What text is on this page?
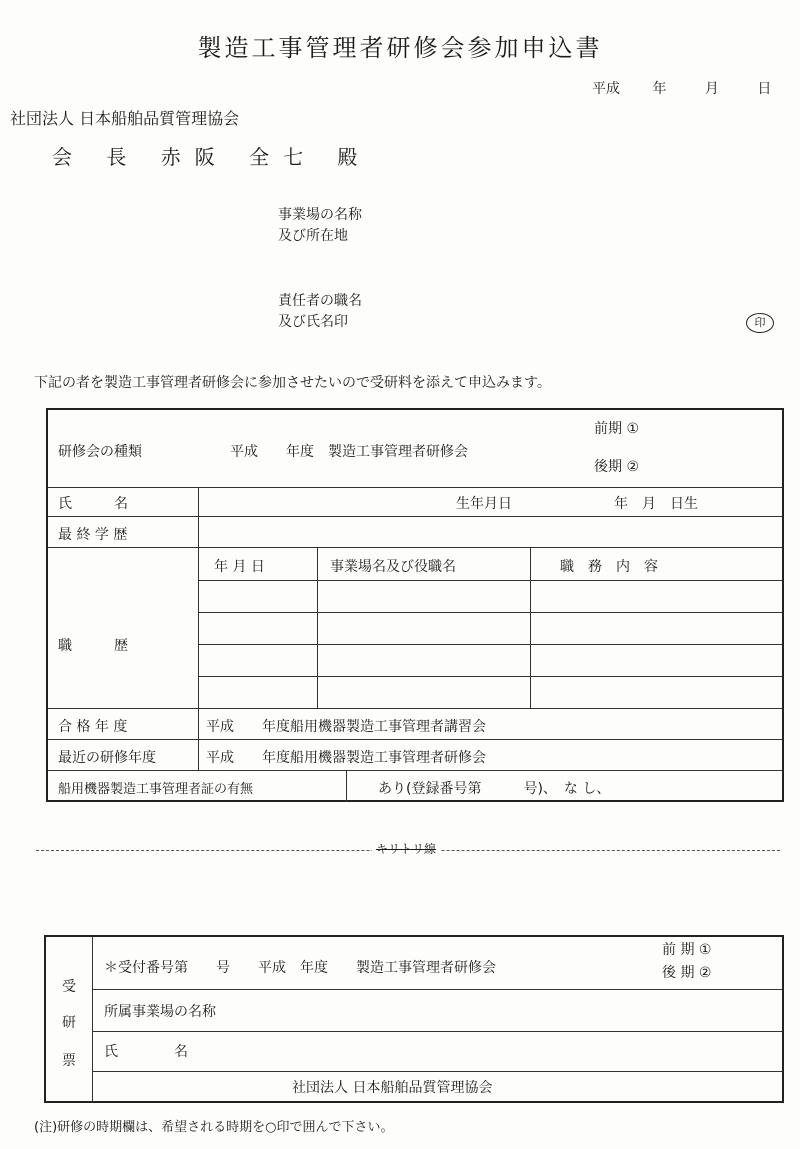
製造工事管理者研修会参加申込書
平成 年	月	日
社団法人 日本船舶品質管理協会
会 長 赤阪 全七 殿
事業場の名称
及び所在地
責任者の職名
及び氏名印	印
下記の者を製造工事管理者研修会に参加させたいので受研料を添えて申込みます。
研修会の種類	平成　　年度　製造工事管理者研修会
前期 ①
後期 ②
氏　　　名	生年月日	年　月　日生
最 終 学 歴
年 月 日	事業場名及び役職名	職　務　内　容
職　　　歴
合 格 年 度	平成　　年度船用機器製造工事管理者講習会
最近の研修年度	平成　　年度船用機器製造工事管理者研修会
船用機器製造工事管理者証の有無	あり(登録番号第　　　号)、　な し、
キリトリ線
受
研
票
＊受付番号第　　号　　平成　年度　　製造工事管理者研修会
前 期 ①
後 期 ②
所属事業場の名称
氏　　　　名
社団法人 日本船舶品質管理協会
(注)研修の時期欄は、希望される時期を○印で囲んで下さい。
